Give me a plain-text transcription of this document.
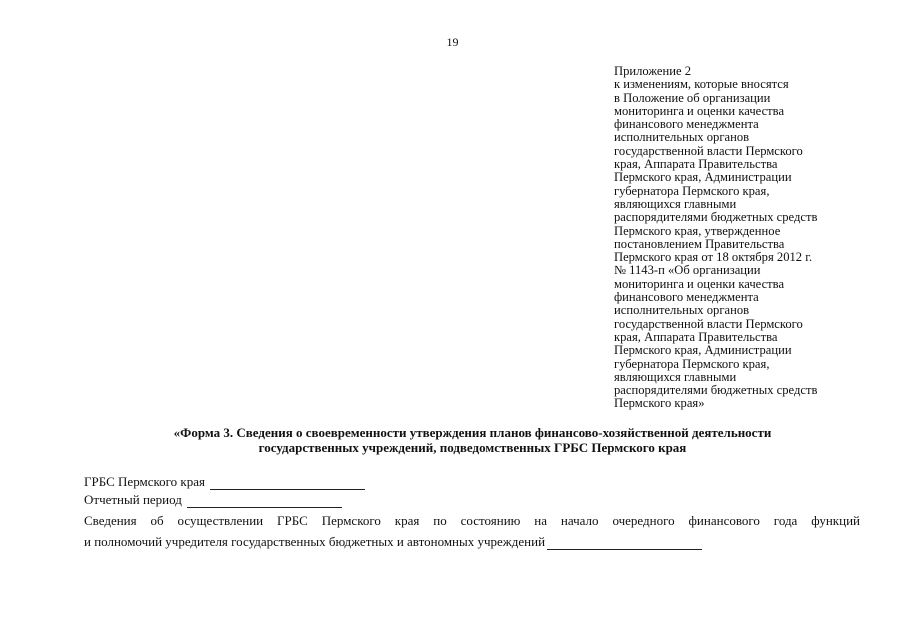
19
Приложение 2
к изменениям, которые вносятся
в Положение об организации
мониторинга и оценки качества
финансового менеджмента
исполнительных органов
государственной власти Пермского
края, Аппарата Правительства
Пермского края, Администрации
губернатора Пермского края,
являющихся главными
распорядителями бюджетных средств
Пермского края, утвержденное
постановлением Правительства
Пермского края от 18 октября 2012 г.
№ 1143-п «Об организации
мониторинга и оценки качества
финансового менеджмента
исполнительных органов
государственной власти Пермского
края, Аппарата Правительства
Пермского края, Администрации
губернатора Пермского края,
являющихся главными
распорядителями бюджетных средств
Пермского края»
«Форма 3. Сведения о своевременности утверждения планов финансово-хозяйственной деятельности
государственных учреждений, подведомственных ГРБС Пермского края
ГРБС Пермского края
Отчетный период
Сведения об осуществлении ГРБС Пермского края по состоянию на начало очередного финансового года функций
и полномочий учредителя государственных бюджетных и автономных учреждений
